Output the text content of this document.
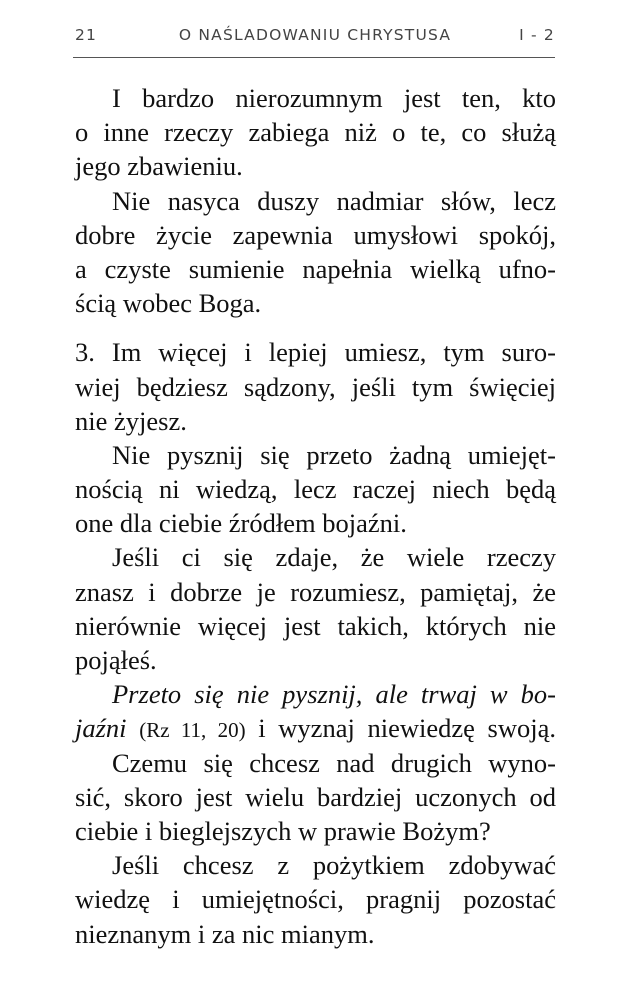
21	O NAŚLADOWANIU CHRYSTUSA	I - 2
I bardzo nierozumnym jest ten, kto
o inne rzeczy zabiega niż o te, co służą
jego zbawieniu.
Nie nasyca duszy nadmiar słów, lecz
dobre życie zapewnia umysłowi spokój,
a czyste sumienie napełnia wielką ufno-
ścią wobec Boga.
3. Im więcej i lepiej umiesz, tym suro-
wiej będziesz sądzony, jeśli tym święciej
nie żyjesz.
Nie pysznij się przeto żadną umiejęt-
nością ni wiedzą, lecz raczej niech będą
one dla ciebie źródłem bojaźni.
Jeśli ci się zdaje, że wiele rzeczy
znasz i dobrze je rozumiesz, pamiętaj, że
nierównie więcej jest takich, których nie
pojąłeś.
Przeto się nie pysznij, ale trwaj w bo-
jaźni (Rz 11, 20) i wyznaj niewiedzę swoją.
Czemu się chcesz nad drugich wyno-
sić, skoro jest wielu bardziej uczonych od
ciebie i bieglejszych w prawie Bożym?
Jeśli chcesz z pożytkiem zdobywać
wiedzę i umiejętności, pragnij pozostać
nieznanym i za nic mianym.
